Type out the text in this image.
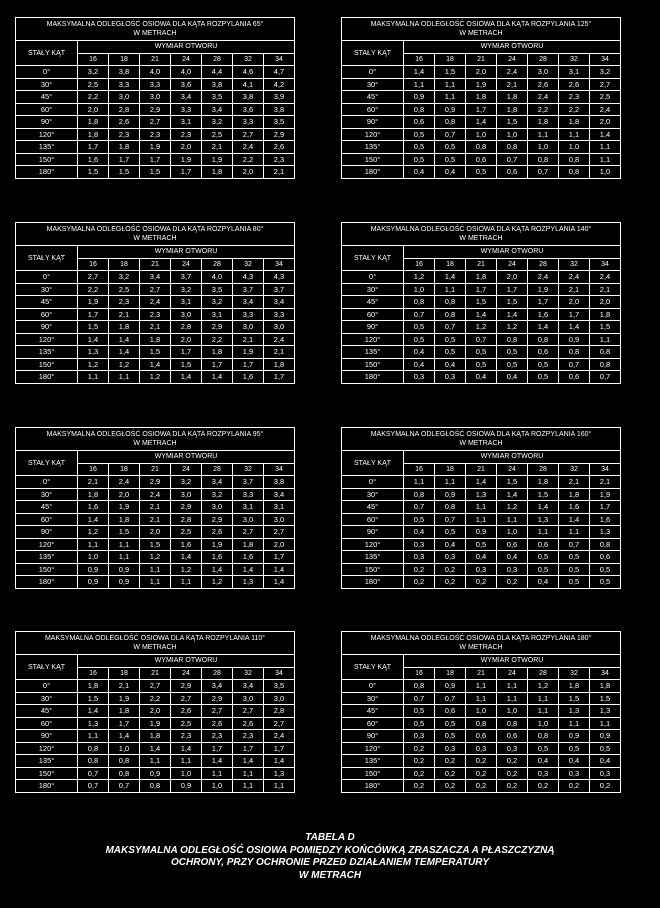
MAKSYMALNA ODLEGŁOŚĆ OSIOWA DLA KĄTA ROZPYLANIA 65°
W METRACH							

STAŁY KĄT	WYMIAR OTWORU						
	16	18	21	24	28	32	34
0°	3,2	3,8	4,0	4,0	4,4	4,6	4,7
30°	2,5	3,3	3,3	3,6	3,8	4,1	4,2
45°	2,2	3,0	3,0	3,4	3,5	3,8	3,9
60°	2,0	2,8	2,9	3,3	3,4	3,6	3,8
90°	1,8	2,6	2,7	3,1	3,2	3,3	3,5
120°	1,8	2,3	2,3	2,3	2,5	2,7	2,9
135°	1,7	1,8	1,9	2,0	2,1	2,4	2,6
150°	1,6	1,7	1,7	1,9	1,9	2,2	2,3
180°	1,5	1,5	1,5	1,7	1,8	2,0	2,1
MAKSYMALNA ODLEGŁOŚĆ OSIOWA DLA KĄTA ROZPYLANIA 125°
W METRACH							

STAŁY KĄT	WYMIAR OTWORU						
	16	18	21	24	28	32	34
0°	1,4	1,5	2,0	2,4	3,0	3,1	3,2
30°	1,1	1,1	1,9	2,1	2,6	2,6	2,7
45°	0,9	1,1	1,8	1,8	2,4	2,3	2,5
60°	0,8	0,9	1,7	1,8	2,2	2,2	2,4
90°	0,6	0,8	1,4	1,5	1,8	1,8	2,0
120°	0,5	0,7	1,0	1,0	1,1	1,1	1,4
135°	0,5	0,5	0,8	0,8	1,0	1,0	1,1
150°	0,5	0,5	0,6	0,7	0,8	0,8	1,1
180°	0,4	0,4	0,5	0,6	0,7	0,8	1,0
MAKSYMALNA ODLEGŁOŚĆ OSIOWA DLA KĄTA ROZPYLANIA 80°
W METRACH							

STAŁY KĄT	WYMIAR OTWORU						
	16	18	21	24	28	32	34
0°	2,7	3,2	3,4	3,7	4,0	4,3	4,3
30°	2,2	2,5	2,7	3,2	3,5	3,7	3,7
45°	1,9	2,3	2,4	3,1	3,2	3,4	3,4
60°	1,7	2,1	2,3	3,0	3,1	3,3	3,3
90°	1,5	1,8	2,1	2,8	2,9	3,0	3,0
120°	1,4	1,4	1,8	2,0	2,2	2,1	2,4
135°	1,3	1,4	1,5	1,7	1,8	1,9	2,1
150°	1,2	1,2	1,4	1,5	1,7	1,7	1,8
180°	1,1	1,1	1,2	1,4	1,4	1,6	1,7
MAKSYMALNA ODLEGŁOŚĆ OSIOWA DLA KĄTA ROZPYLANIA 140°
W METRACH							

STAŁY KĄT	WYMIAR OTWORU						
	16	18	21	24	28	32	34
0°	1,2	1,4	1,8	2,0	2,4	2,4	2,4
30°	1,0	1,1	1,7	1,7	1,9	2,1	2,1
45°	0,8	0,8	1,5	1,5	1,7	2,0	2,0
60°	0,7	0,8	1,4	1,4	1,6	1,7	1,8
90°	0,5	0,7	1,2	1,2	1,4	1,4	1,5
120°	0,5	0,5	0,7	0,8	0,8	0,9	1,1
135°	0,4	0,5	0,5	0,5	0,6	0,8	0,8
150°	0,4	0,4	0,5	0,5	0,5	0,7	0,8
180°	0,3	0,3	0,4	0,4	0,5	0,6	0,7
MAKSYMALNA ODLEGŁOŚĆ OSIOWA DLA KĄTA ROZPYLANIA 95°
W METRACH							

STAŁY KĄT	WYMIAR OTWORU						
	16	18	21	24	28	32	34
0°	2,1	2,4	2,9	3,2	3,4	3,7	3,8
30°	1,8	2,0	2,4	3,0	3,2	3,3	3,4
45°	1,6	1,9	2,1	2,9	3,0	3,1	3,1
60°	1,4	1,8	2,1	2,8	2,9	3,0	3,0
90°	1,2	1,5	2,0	2,5	2,6	2,7	2,7
120°	1,1	1,1	1,5	1,6	1,9	1,8	2,0
135°	1,0	1,1	1,2	1,4	1,6	1,6	1,7
150°	0,9	0,9	1,1	1,2	1,4	1,4	1,4
180°	0,9	0,9	1,1	1,1	1,2	1,3	1,4
MAKSYMALNA ODLEGŁOŚĆ OSIOWA DLA KĄTA ROZPYLANIA 160°
W METRACH							

STAŁY KĄT	WYMIAR OTWORU						
	16	18	21	24	28	32	34
0°	1,1	1,1	1,4	1,5	1,8	2,1	2,1
30°	0,8	0,9	1,3	1,4	1,5	1,8	1,9
45°	0,7	0,8	1,1	1,2	1,4	1,6	1,7
60°	0,5	0,7	1,1	1,1	1,3	1,4	1,6
90°	0,4	0,5	0,9	1,0	1,1	1,1	1,3
120°	0,3	0,4	0,5	0,6	0,6	0,7	0,8
135°	0,3	0,3	0,4	0,4	0,5	0,5	0,6
150°	0,2	0,2	0,3	0,3	0,5	0,5	0,5
180°	0,2	0,2	0,2	0,2	0,4	0,5	0,5
MAKSYMALNA ODLEGŁOŚĆ OSIOWA DLA KĄTA ROZPYLANIA 110°
W METRACH							

STAŁY KĄT	WYMIAR OTWORU						
	16	18	21	24	28	32	34
0°	1,8	2,1	2,7	2,9	3,4	3,4	3,5
30°	1,5	1,9	2,2	2,7	2,9	3,0	3,0
45°	1,4	1,8	2,0	2,6	2,7	2,7	2,8
60°	1,3	1,7	1,9	2,5	2,6	2,6	2,7
90°	1,1	1,4	1,8	2,3	2,3	2,3	2,4
120°	0,8	1,0	1,4	1,4	1,7	1,7	1,7
135°	0,8	0,8	1,1	1,1	1,4	1,4	1,4
150°	0,7	0,8	0,9	1,0	1,1	1,1	1,3
180°	0,7	0,7	0,8	0,9	1,0	1,1	1,1
MAKSYMALNA ODLEGŁOŚĆ OSIOWA DLA KĄTA ROZPYLANIA 180°
W METRACH							

STAŁY KĄT	WYMIAR OTWORU						
	16	18	21	24	28	32	34
0°	0,8	0,9	1,1	1,1	1,2	1,8	1,8
30°	0,7	0,7	1,1	1,1	1,1	1,5	1,5
45°	0,5	0,6	1,0	1,0	1,1	1,3	1,3
60°	0,5	0,5	0,8	0,8	1,0	1,1	1,1
90°	0,3	0,5	0,6	0,6	0,8	0,9	0,9
120°	0,2	0,3	0,3	0,3	0,5	0,5	0,5
135°	0,2	0,2	0,2	0,2	0,4	0,4	0,4
150°	0,2	0,2	0,2	0,2	0,3	0,3	0,3
180°	0,2	0,2	0,2	0,2	0,2	0,2	0,2
TABELA D
MAKSYMALNA ODLEGŁOŚĆ OSIOWA POMIĘDZY KOŃCÓWKĄ ZRASZACZA A PŁASZCZYZNĄ
OCHRONY, PRZY OCHRONIE PRZED DZIAŁANIEM TEMPERATURY
W METRACH
